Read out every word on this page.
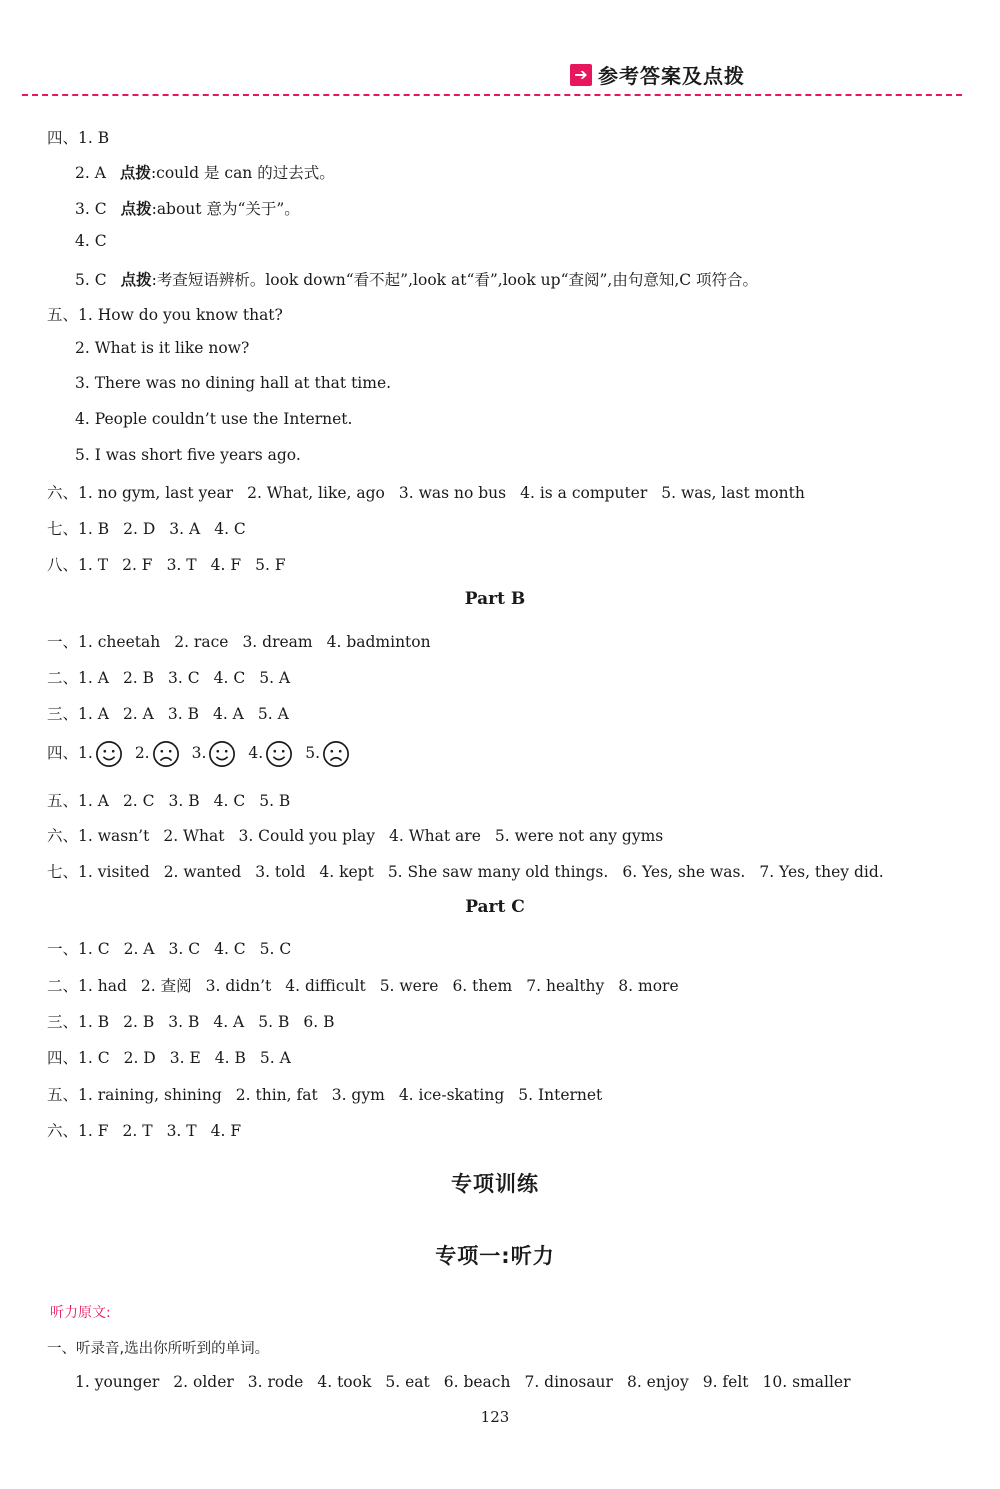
➔ 参考答案及点拨
四、1. B
2. A 点拨:could 是 can 的过去式。
3. C 点拨:about 意为“关于”。
4. C
5. C 点拨:考查短语辨析。look down“看不起”,look at“看”,look up“查阅”,由句意知,C 项符合。
五、1. How do you know that?
2. What is it like now?
3. There was no dining hall at that time.
4. People couldn’t use the Internet.
5. I was short five years ago.
六、1. no gym, last year 2. What, like, ago 3. was no bus 4. is a computer 5. was, last month
七、1. B 2. D 3. A 4. C
八、1. T 2. F 3. T 4. F 5. F
Part B
一、1. cheetah 2. race 3. dream 4. badminton
二、1. A 2. B 3. C 4. C 5. A
三、1. A 2. A 3. B 4. A 5. A
四、1.	2.	3.	4.	5.
五、1. A 2. C 3. B 4. C 5. B
六、1. wasn’t 2. What 3. Could you play 4. What are 5. were not any gyms
七、1. visited 2. wanted 3. told 4. kept 5. She saw many old things. 6. Yes, she was. 7. Yes, they did.
Part C
一、1. C 2. A 3. C 4. C 5. C
二、1. had 2. 查阅 3. didn’t 4. difficult 5. were 6. them 7. healthy 8. more
三、1. B 2. B 3. B 4. A 5. B 6. B
四、1. C 2. D 3. E 4. B 5. A
五、1. raining, shining 2. thin, fat 3. gym 4. ice-skating 5. Internet
六、1. F 2. T 3. T 4. F
专项训练
专项一:听力
听力原文:
一、听录音,选出你所听到的单词。
1. younger 2. older 3. rode 4. took 5. eat 6. beach 7. dinosaur 8. enjoy 9. felt 10. smaller
123
